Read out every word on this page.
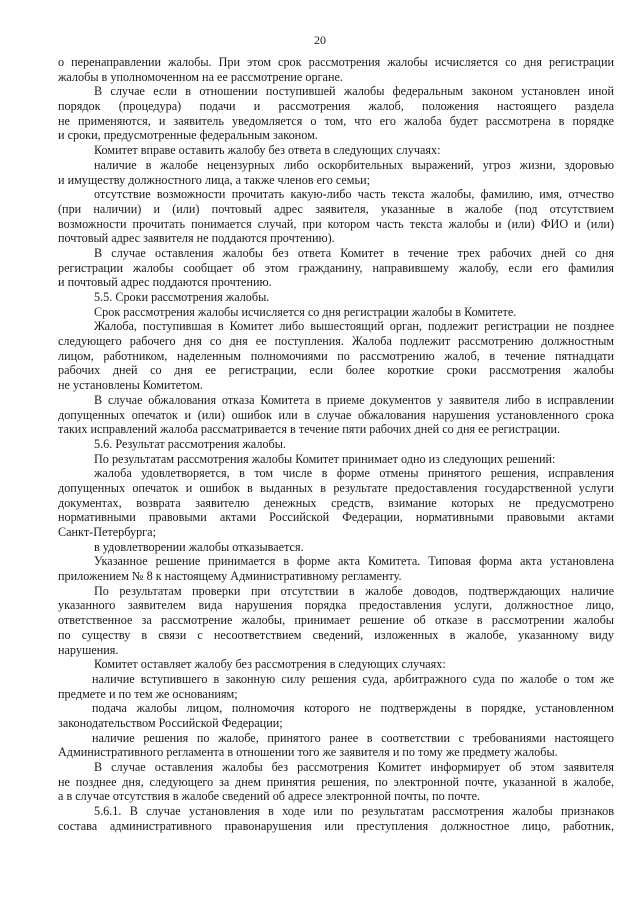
20
о перенаправлении жалобы. При этом срок рассмотрения жалобы исчисляется со дня регистрации
жалобы в уполномоченном на ее рассмотрение органе.
В случае если в отношении поступившей жалобы федеральным законом установлен иной
порядок (процедура) подачи и рассмотрения жалоб, положения настоящего раздела
не применяются, и заявитель уведомляется о том, что его жалоба будет рассмотрена в порядке
и сроки, предусмотренные федеральным законом.
Комитет вправе оставить жалобу без ответа в следующих случаях:
наличие в жалобе нецензурных либо оскорбительных выражений, угроз жизни, здоровью
и имуществу должностного лица, а также членов его семьи;
отсутствие возможности прочитать какую-либо часть текста жалобы, фамилию, имя, отчество
(при наличии) и (или) почтовый адрес заявителя, указанные в жалобе (под отсутствием
возможности прочитать понимается случай, при котором часть текста жалобы и (или) ФИО и (или)
почтовый адрес заявителя не поддаются прочтению).
В случае оставления жалобы без ответа Комитет в течение трех рабочих дней со дня
регистрации жалобы сообщает об этом гражданину, направившему жалобу, если его фамилия
и почтовый адрес поддаются прочтению.
5.5. Сроки рассмотрения жалобы.
Срок рассмотрения жалобы исчисляется со дня регистрации жалобы в Комитете.
Жалоба, поступившая в Комитет либо вышестоящий орган, подлежит регистрации не позднее
следующего рабочего дня со дня ее поступления. Жалоба подлежит рассмотрению должностным
лицом, работником, наделенным полномочиями по рассмотрению жалоб, в течение пятнадцати
рабочих дней со дня ее регистрации, если более короткие сроки рассмотрения жалобы
не установлены Комитетом.
В случае обжалования отказа Комитета в приеме документов у заявителя либо в исправлении
допущенных опечаток и (или) ошибок или в случае обжалования нарушения установленного срока
таких исправлений жалоба рассматривается в течение пяти рабочих дней со дня ее регистрации.
5.6. Результат рассмотрения жалобы.
По результатам рассмотрения жалобы Комитет принимает одно из следующих решений:
жалоба удовлетворяется, в том числе в форме отмены принятого решения, исправления
допущенных опечаток и ошибок в выданных в результате предоставления государственной услуги
документах, возврата заявителю денежных средств, взимание которых не предусмотрено
нормативными правовыми актами Российской Федерации, нормативными правовыми актами
Санкт-Петербурга;
в удовлетворении жалобы отказывается.
Указанное решение принимается в форме акта Комитета. Типовая форма акта установлена
приложением № 8 к настоящему Административному регламенту.
По результатам проверки при отсутствии в жалобе доводов, подтверждающих наличие
указанного заявителем вида нарушения порядка предоставления услуги, должностное лицо,
ответственное за рассмотрение жалобы, принимает решение об отказе в рассмотрении жалобы
по существу в связи с несоответствием сведений, изложенных в жалобе, указанному виду
нарушения.
Комитет оставляет жалобу без рассмотрения в следующих случаях:
наличие вступившего в законную силу решения суда, арбитражного суда по жалобе о том же
предмете и по тем же основаниям;
подача жалобы лицом, полномочия которого не подтверждены в порядке, установленном
законодательством Российской Федерации;
наличие решения по жалобе, принятого ранее в соответствии с требованиями настоящего
Административного регламента в отношении того же заявителя и по тому же предмету жалобы.
В случае оставления жалобы без рассмотрения Комитет информирует об этом заявителя
не позднее дня, следующего за днем принятия решения, по электронной почте, указанной в жалобе,
а в случае отсутствия в жалобе сведений об адресе электронной почты, по почте.
5.6.1. В случае установления в ходе или по результатам рассмотрения жалобы признаков
состава административного правонарушения или преступления должностное лицо, работник,
